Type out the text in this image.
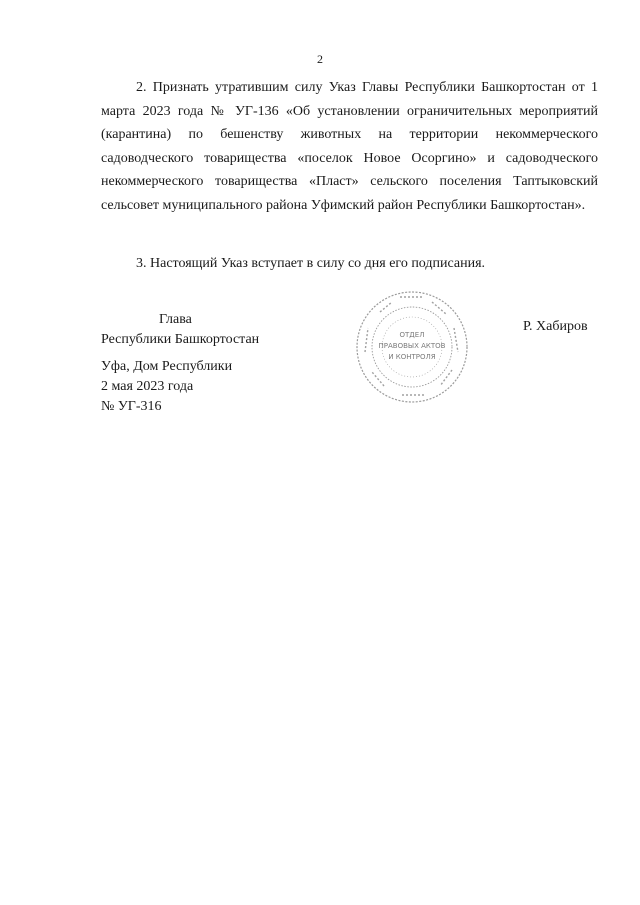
2

2. Признать утратившим силу Указ Главы Республики Башкортостан от 1 марта 2023 года № УГ-136 «Об установлении ограничительных мероприятий (карантина) по бешенству животных на территории некоммерческого садоводческого товарищества «поселок Новое Осоргино» и садоводческого некоммерческого товарищества «Пласт» сельского поселения Таптыковский сельсовет муниципального района Уфимский район Республики Башкортостан».

3. Настоящий Указ вступает в силу со дня его подписания.

Глава
Республики Башкортостан	ОТДЕЛ
ПРАВОВЫХ АКТОВ
И КОНТРОЛЯ
Р. Хабиров
Уфа, Дом Республики
2 мая 2023 года
№ УГ-316
